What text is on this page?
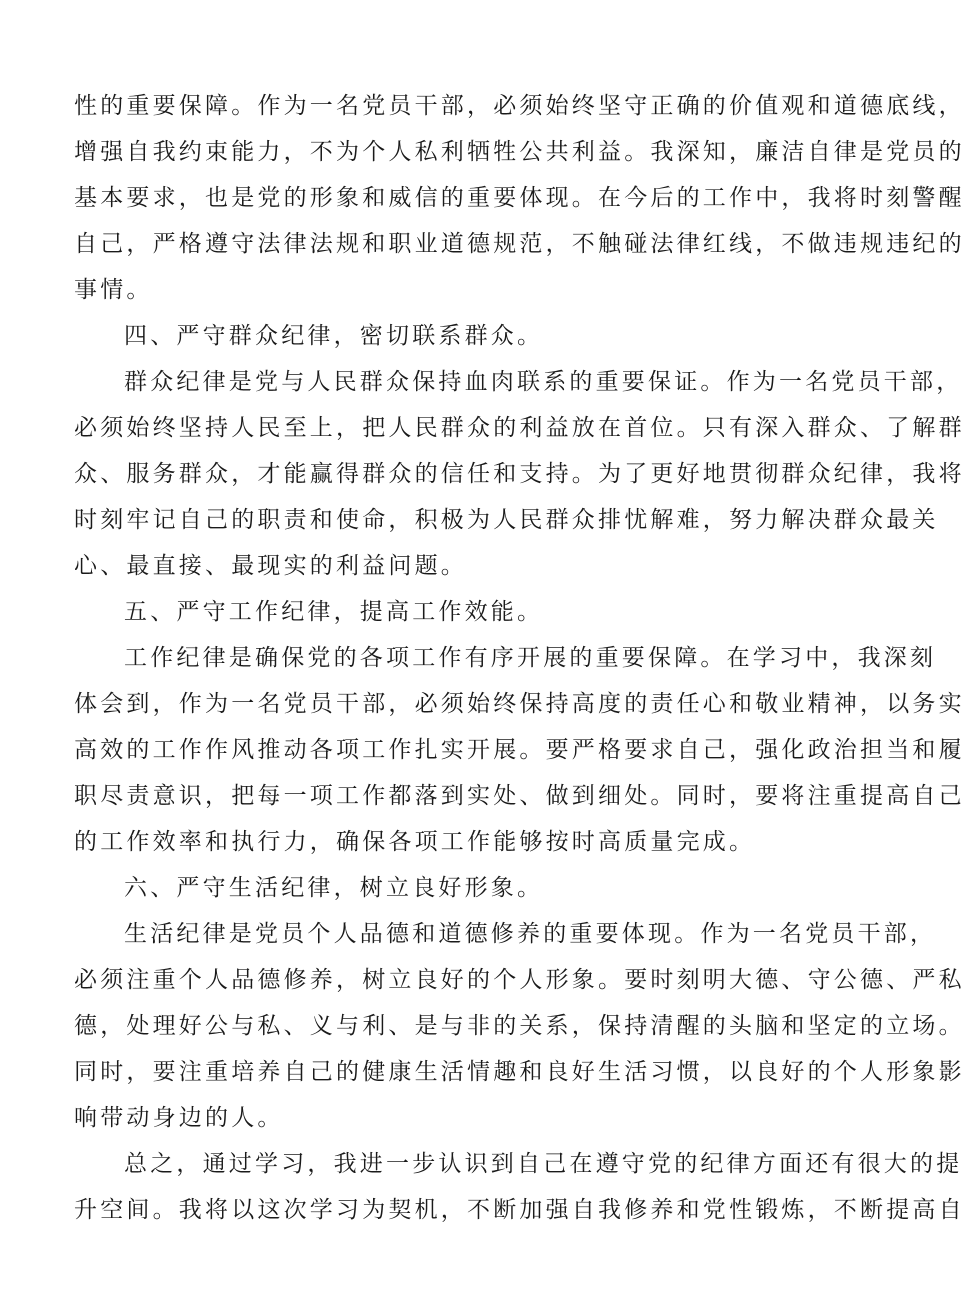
性的重要保障。作为一名党员干部，必须始终坚守正确的价值观和道德底线，
增强自我约束能力，不为个人私利牺牲公共利益。我深知，廉洁自律是党员的
基本要求，也是党的形象和威信的重要体现。在今后的工作中，我将时刻警醒
自己，严格遵守法律法规和职业道德规范，不触碰法律红线，不做违规违纪的
事情。
四、严守群众纪律，密切联系群众。
群众纪律是党与人民群众保持血肉联系的重要保证。作为一名党员干部，
必须始终坚持人民至上，把人民群众的利益放在首位。只有深入群众、了解群
众、服务群众，才能赢得群众的信任和支持。为了更好地贯彻群众纪律，我将
时刻牢记自己的职责和使命，积极为人民群众排忧解难，努力解决群众最关
心、最直接、最现实的利益问题。
五、严守工作纪律，提高工作效能。
工作纪律是确保党的各项工作有序开展的重要保障。在学习中，我深刻
体会到，作为一名党员干部，必须始终保持高度的责任心和敬业精神，以务实
高效的工作作风推动各项工作扎实开展。要严格要求自己，强化政治担当和履
职尽责意识，把每一项工作都落到实处、做到细处。同时，要将注重提高自己
的工作效率和执行力，确保各项工作能够按时高质量完成。
六、严守生活纪律，树立良好形象。
生活纪律是党员个人品德和道德修养的重要体现。作为一名党员干部，
必须注重个人品德修养，树立良好的个人形象。要时刻明大德、守公德、严私
德，处理好公与私、义与利、是与非的关系，保持清醒的头脑和坚定的立场。
同时，要注重培养自己的健康生活情趣和良好生活习惯，以良好的个人形象影
响带动身边的人。
总之，通过学习，我进一步认识到自己在遵守党的纪律方面还有很大的提
升空间。我将以这次学习为契机，不断加强自我修养和党性锻炼，不断提高自
